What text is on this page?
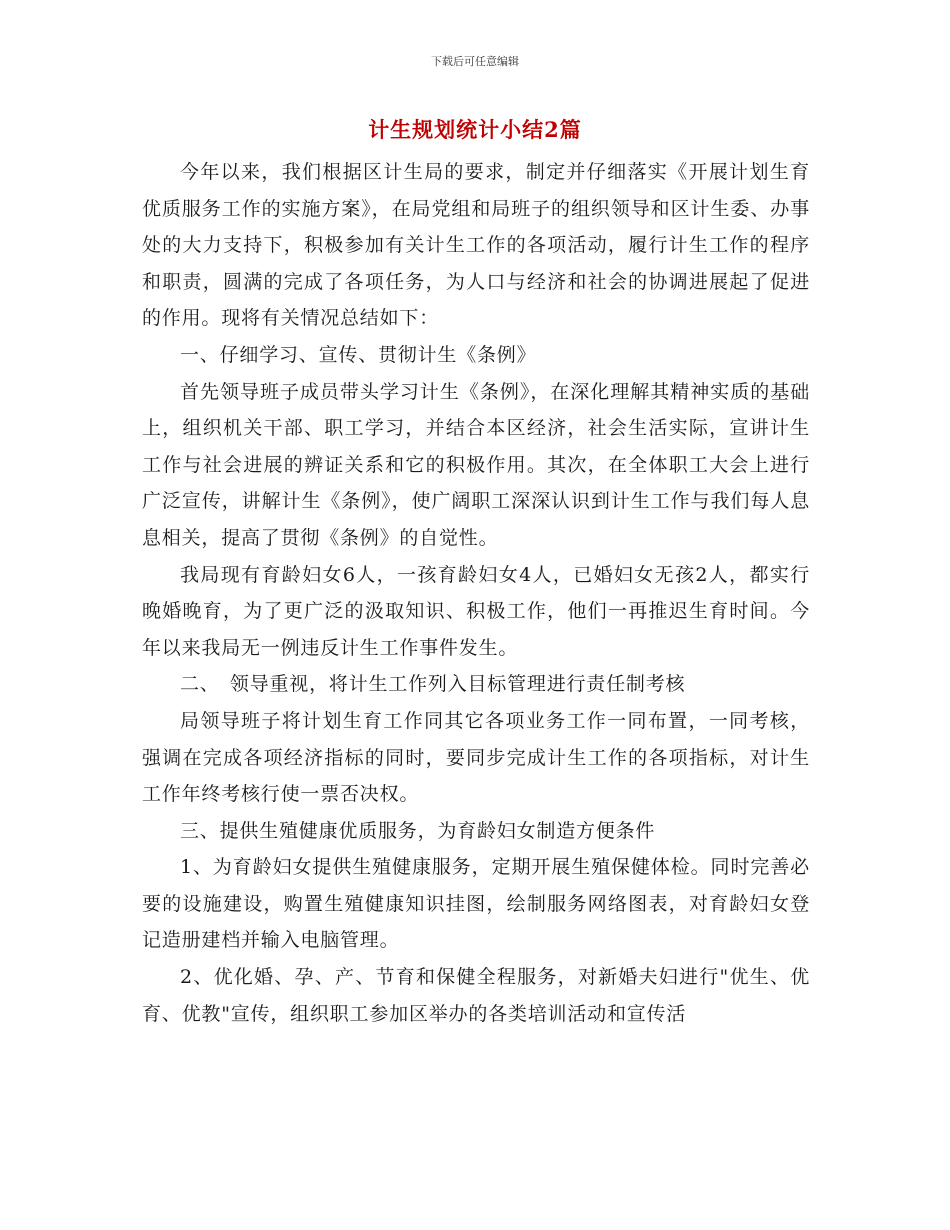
下载后可任意编辑
计生规划统计小结2篇

今年以来，我们根据区计生局的要求，制定并仔细落实《开展计划生育优质服务工作的实施方案》，在局党组和局班子的组织领导和区计生委、办事处的大力支持下，积极参加有关计生工作的各项活动，履行计生工作的程序和职责，圆满的完成了各项任务，为人口与经济和社会的协调进展起了促进的作用。现将有关情况总结如下：

一、仔细学习、宣传、贯彻计生《条例》

首先领导班子成员带头学习计生《条例》，在深化理解其精神实质的基础上，组织机关干部、职工学习，并结合本区经济，社会生活实际，宣讲计生工作与社会进展的辨证关系和它的积极作用。其次，在全体职工大会上进行广泛宣传，讲解计生《条例》，使广阔职工深深认识到计生工作与我们每人息息相关，提高了贯彻《条例》的自觉性。

我局现有育龄妇女6人，一孩育龄妇女4人，已婚妇女无孩2人，都实行晚婚晚育，为了更广泛的汲取知识、积极工作，他们一再推迟生育时间。今年以来我局无一例违反计生工作事件发生。

二、　领导重视，将计生工作列入目标管理进行责任制考核

局领导班子将计划生育工作同其它各项业务工作一同布置，一同考核，强调在完成各项经济指标的同时，要同步完成计生工作的各项指标，对计生工作年终考核行使一票否决权。

三、提供生殖健康优质服务，为育龄妇女制造方便条件

1、为育龄妇女提供生殖健康服务，定期开展生殖保健体检。同时完善必要的设施建设，购置生殖健康知识挂图，绘制服务网络图表，对育龄妇女登记造册建档并输入电脑管理。

2、优化婚、孕、产、节育和保健全程服务，对新婚夫妇进行"优生、优育、优教"宣传，组织职工参加区举办的各类培训活动和宣传活
